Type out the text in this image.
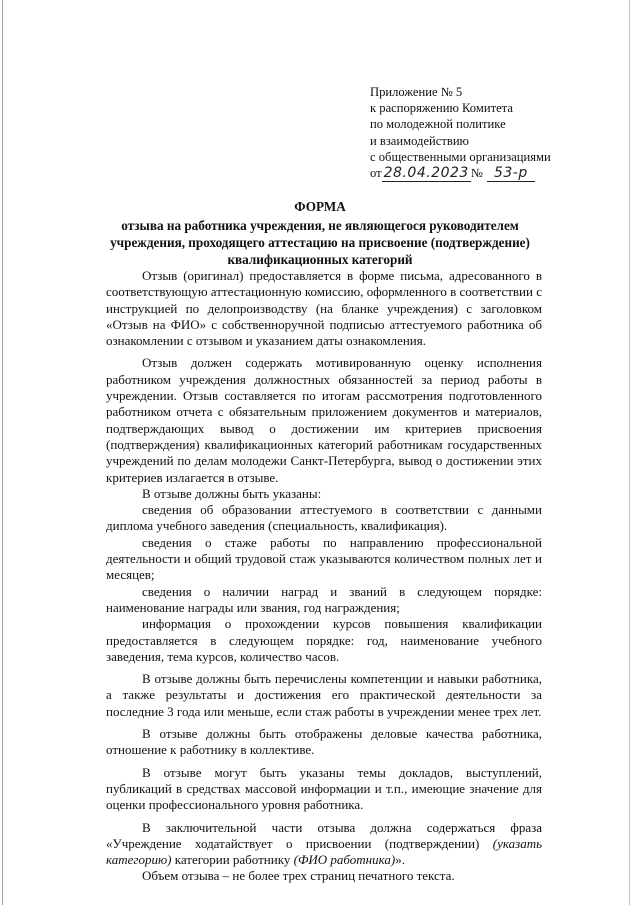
Приложение № 5
к распоряжению Комитета
по молодежной политике
и взаимодействию
с общественными организациями
от 28.04.2023 № 53-р
ФОРМА
отзыва на работника учреждения, не являющегося руководителем
учреждения, проходящего аттестацию на присвоение (подтверждение)
квалификационных категорий

Отзыв (оригинал) предоставляется в форме письма, адресованного в соответствующую аттестационную комиссию, оформленного в соответствии с инструкцией по делопроизводству (на бланке учреждения) с заголовком «Отзыв на ФИО» с собственноручной подписью аттестуемого работника об ознакомлении с отзывом и указанием даты ознакомления.

Отзыв должен содержать мотивированную оценку исполнения работником учреждения должностных обязанностей за период работы в учреждении. Отзыв составляется по итогам рассмотрения подготовленного работником отчета с обязательным приложением документов и материалов, подтверждающих вывод о достижении им критериев присвоения (подтверждения) квалификационных категорий работникам государственных учреждений по делам молодежи Санкт-Петербурга, вывод о достижении этих критериев излагается в отзыве.

В отзыве должны быть указаны:

сведения об образовании аттестуемого в соответствии с данными диплома учебного заведения (специальность, квалификация).

сведения о стаже работы по направлению профессиональной деятельности и общий трудовой стаж указываются количеством полных лет и месяцев;

сведения о наличии наград и званий в следующем порядке: наименование награды или звания, год награждения;

информация о прохождении курсов повышения квалификации предоставляется в следующем порядке: год, наименование учебного заведения, тема курсов, количество часов.

В отзыве должны быть перечислены компетенции и навыки работника, а также результаты и достижения его практической деятельности за последние 3 года или меньше, если стаж работы в учреждении менее трех лет.

В отзыве должны быть отображены деловые качества работника, отношение к работнику в коллективе.

В отзыве могут быть указаны темы докладов, выступлений, публикаций в средствах массовой информации и т.п., имеющие значение для оценки профессионального уровня работника.

В заключительной части отзыва должна содержаться фраза «Учреждение ходатайствует о присвоении (подтверждении) (указать категорию) категории работнику (ФИО работника)».

Объем отзыва – не более трех страниц печатного текста.
